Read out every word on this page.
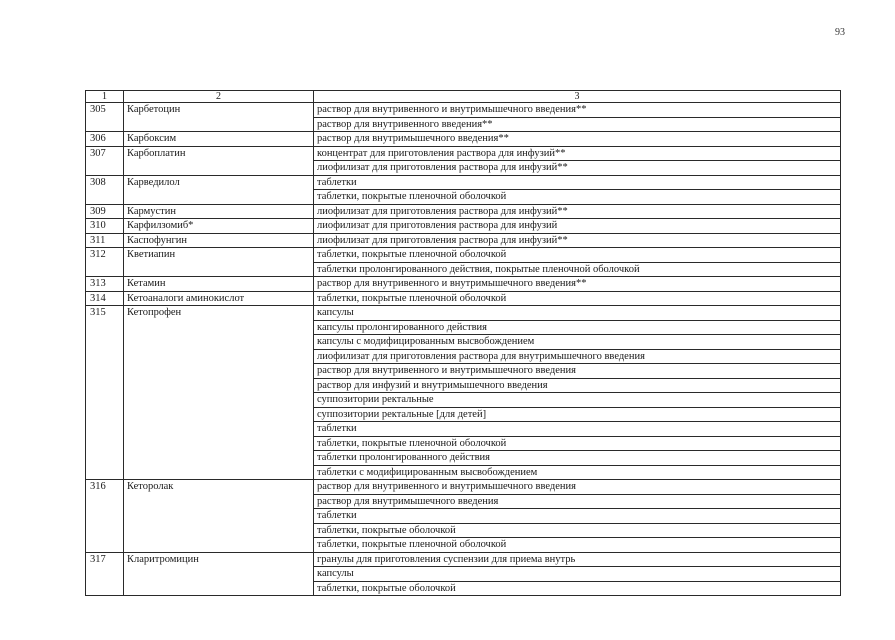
93
1	2	3
305	Карбетоцин	раствор для внутривенного и внутримышечного введения**
		раствор для внутривенного введения**
306	Карбоксим	раствор для внутримышечного введения**
307	Карбоплатин	концентрат для приготовления раствора для инфузий**
		лиофилизат для приготовления раствора для инфузий**
308	Карведилол	таблетки
		таблетки, покрытые пленочной оболочкой
309	Кармустин	лиофилизат для приготовления раствора для инфузий**
310	Карфилзомиб*	лиофилизат для приготовления раствора для инфузий
311	Каспофунгин	лиофилизат для приготовления раствора для инфузий**
312	Кветиапин	таблетки, покрытые пленочной оболочкой
		таблетки пролонгированного действия, покрытые пленочной оболочкой
313	Кетамин	раствор для внутривенного и внутримышечного введения**
314	Кетоаналоги аминокислот	таблетки, покрытые пленочной оболочкой
315	Кетопрофен	капсулы
		капсулы пролонгированного действия
		капсулы с модифицированным высвобождением
		лиофилизат для приготовления раствора для внутримышечного введения
		раствор для внутривенного и внутримышечного введения
		раствор для инфузий и внутримышечного введения
		суппозитории ректальные
		суппозитории ректальные [для детей]
		таблетки
		таблетки, покрытые пленочной оболочкой
		таблетки пролонгированного действия
		таблетки с модифицированным высвобождением
316	Кеторолак	раствор для внутривенного и внутримышечного введения
		раствор для внутримышечного введения
		таблетки
		таблетки, покрытые оболочкой
		таблетки, покрытые пленочной оболочкой
317	Кларитромицин	гранулы для приготовления суспензии для приема внутрь
		капсулы
		таблетки, покрытые оболочкой
